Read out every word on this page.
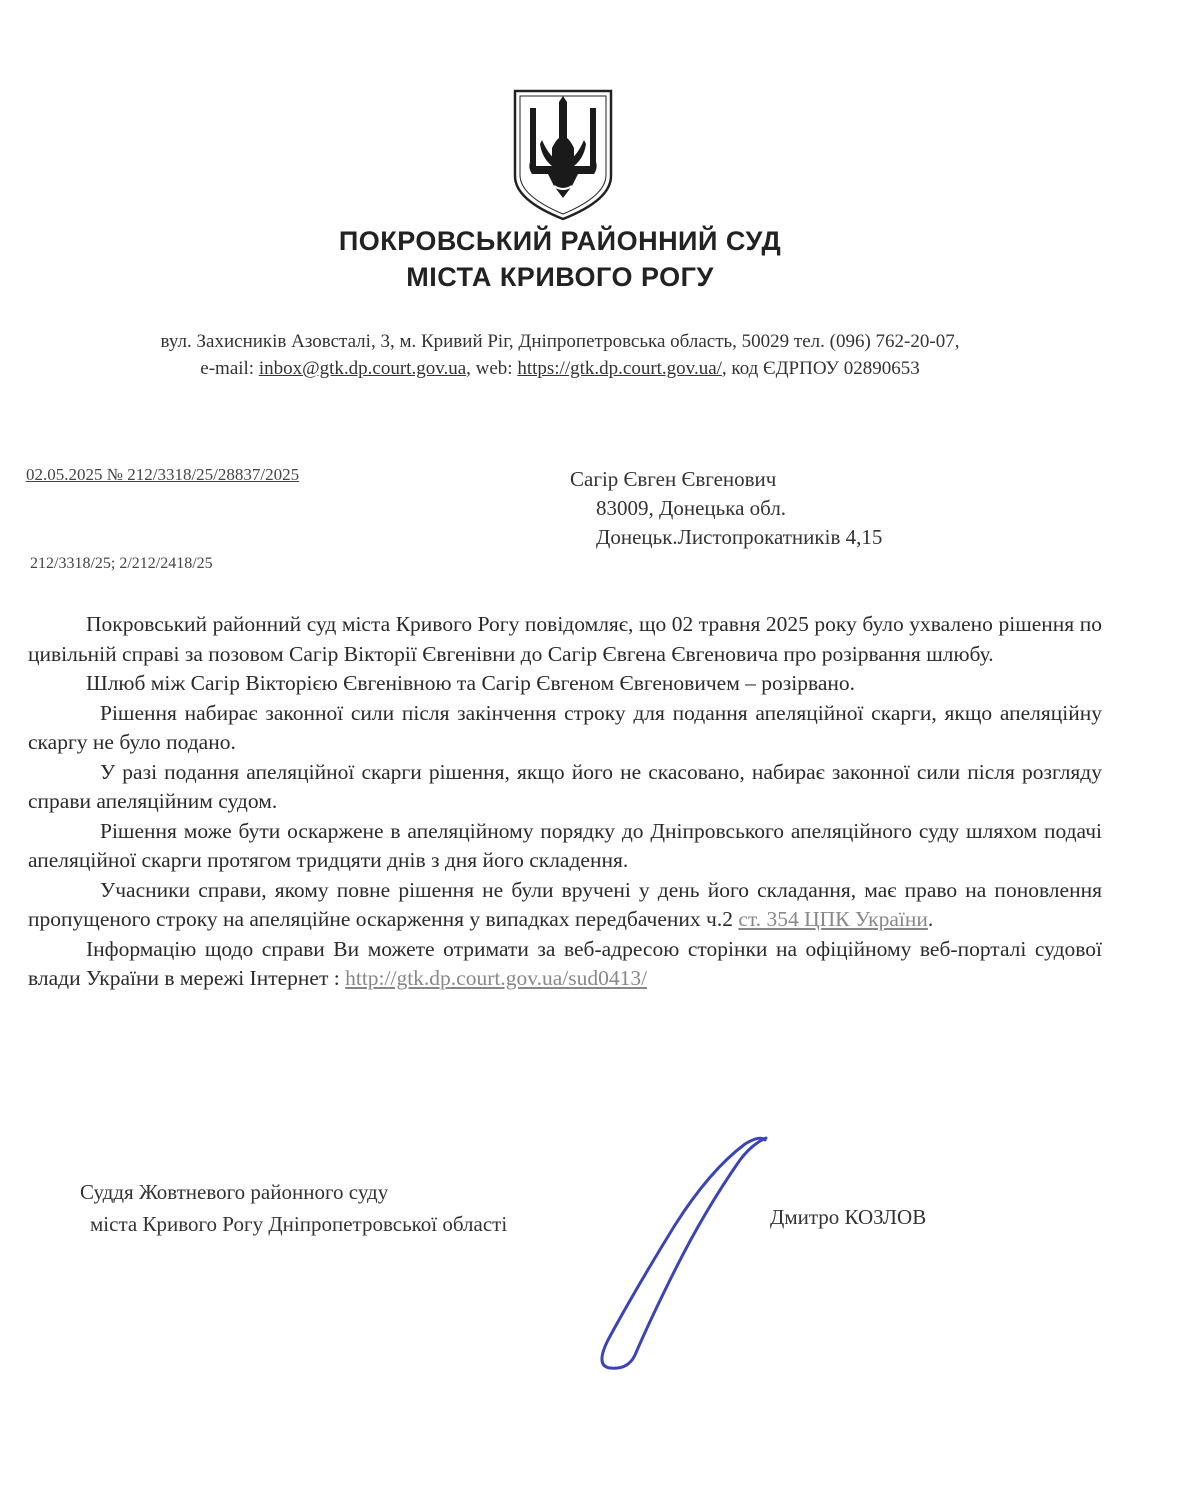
ПОКРОВСЬКИЙ РАЙОННИЙ СУД
МІСТА КРИВОГО РОГУ
вул. Захисників Азовсталі, 3, м. Кривий Ріг, Дніпропетровська область, 50029 тел. (096) 762-20-07,
e-mail: inbox@gtk.dp.court.gov.ua, web: https://gtk.dp.court.gov.ua/, код ЄДРПОУ 02890653
02.05.2025 № 212/3318/25/28837/2025
212/3318/25; 2/212/2418/25
Сагір Євген Євгенович
83009, Донецька обл.
Донецьк.Листопрокатників 4,15

Покровський районний суд міста Кривого Рогу повідомляє, що 02 травня 2025 року було ухвалено рішення по цивільній справі за позовом Сагір Вікторії Євгенівни до Сагір Євгена Євгеновича про розірвання шлюбу.

Шлюб між Сагір Вікторією Євгенівною та Сагір Євгеном Євгеновичем – розірвано.

Рішення набирає законної сили після закінчення строку для подання апеляційної скарги, якщо апеляційну скаргу не було подано.

У разі подання апеляційної скарги рішення, якщо його не скасовано, набирає законної сили після розгляду справи апеляційним судом.

Рішення може бути оскаржене в апеляційному порядку до Дніпровського апеляційного суду шляхом подачі апеляційної скарги протягом тридцяти днів з дня його складення.

Учасники справи, якому повне рішення не були вручені у день його складання, має право на поновлення пропущеного строку на апеляційне оскарження у випадках передбачених ч.2 ст. 354 ЦПК України.

Інформацію щодо справи Ви можете отримати за веб-адресою сторінки на офіційному веб-порталі судової влади України в мережі Інтернет : http://gtk.dp.court.gov.ua/sud0413/

Суддя Жовтневого районного суду
міста Кривого Рогу Дніпропетровської області	Дмитро КОЗЛОВ
